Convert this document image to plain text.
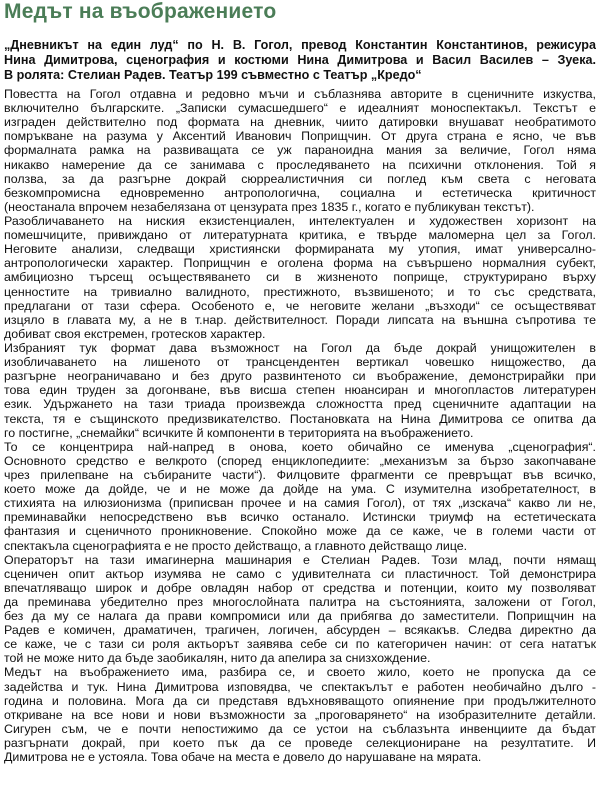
Медът на въображението
„Дневникът на един луд“ по Н. В. Гогол, превод Константин Константинов, режисура
Нина Димитрова, сценография и костюми Нина Димитрова и Васил Василев – Зуека.
В ролята: Стелиан Радев. Театър 199 съвместно с Театър „Кредо“
Повестта на Гогол отдавна и редовно мъчи и съблазнява авторите в сценичните изкуства,
включително българските. „Записки сумасшедшего“ е идеалният моноспектакъл. Текстът е
изграден действително под формата на дневник, чиито датировки внушават необратимото
помръкване на разума у Аксентий Иванович Поприщчин. От друга страна е ясно, че във
формалната рамка на развиващата се уж параноидна мания за величие, Гогол няма
никакво намерение да се занимава с проследяването на психични отклонения. Той я
ползва, за да разгърне докрай сюрреалистичния си поглед към света с неговата
безкомпромисна едновременно антропологична, социална и естетическа критичност
(неостанала впрочем незабелязана от цензурата през 1835 г., когато е публикуван текстът).
Разобличаването на ниския екзистенциален, интелектуален и художествен хоризонт на
помешчиците, привиждано от литературната критика, е твърде маломерна цел за Гогол.
Неговите анализи, следващи християнски формираната му утопия, имат универсално-
антропологически характер. Поприщчин е оголена форма на съвършено нормалния субект,
амбициозно търсещ осъществяването си в жизненото поприще, структурирано върху
ценностите на тривиално валидното, престижното, възвишеното; и то със средствата,
предлагани от тази сфера. Особеното е, че неговите желани „възходи“ се осъществяват
изцяло в главата му, а не в т.нар. действителност. Поради липсата на външна съпротива те
добиват своя екстремен, гротесков характер.
Избраният тук формат дава възможност на Гогол да бъде докрай унищожителен в
изобличаването на лишеното от трансцендентен вертикал човешко нищожество, да
разгърне неограничавано и без друго развинтеното си въображение, демонстрирайки при
това един труден за догонване, във висша степен нюансиран и многопластов литературен
език. Удържането на тази триада произвежда сложността пред сценичните адаптации на
текста, тя е същинското предизвикателство. Постановката на Нина Димитрова се опитва да
го постигне, „снемайки“ всичките й компоненти в територията на въображението.
То се концентрира най-напред в онова, което обичайно се именува „сценография“.
Основното средство е велкрото (според енциклопедиите: „механизъм за бързо закопчаване
чрез прилепване на събираните части“). Филцовите фрагменти се превръщат във всичко,
което може да дойде, че и не може да дойде на ума. С изумителна изобретателност, в
стихията на илюзионизма (приписван прочее и на самия Гогол), от тях „изскача“ какво ли не,
преминавайки непосредствено във всичко останало. Истински триумф на естетическата
фантазия и сценичното проникновение. Спокойно може да се каже, че в големи части от
спектакъла сценографията е не просто действащо, а главното действащо лице.
Операторът на тази имагинерна машинария е Стелиан Радев. Този млад, почти нямащ
сценичен опит актьор изумява не само с удивителната си пластичност. Той демонстрира
впечатляващо широк и добре овладян набор от средства и потенции, които му позволяват
да преминава убедително през многослойната палитра на състоянията, заложени от Гогол,
без да му се налага да прави компромиси или да прибягва до заместители. Поприщчин на
Радев е комичен, драматичен, трагичен, логичен, абсурден – всякакъв. Следва директно да
се каже, че с тази си роля актьорът заявява себе си по категоричен начин: от сега нататък
той не може нито да бъде заобикалян, нито да апелира за снизхождение.
Медът на въображението има, разбира се, и своето жило, което не пропуска да се
задейства и тук. Нина Димитрова изповядва, че спектакълът е работен необичайно дълго -
година и половина. Мога да си представя вдъхновяващото опиянение при продължителното
откриване на все нови и нови възможности за „проговарянето“ на изобразителните детайли.
Сигурен съм, че е почти непостижимо да се устои на съблазънта инвенциите да бъдат
разгърнати докрай, при което пък да се проведе селекциониране на резултатите. И
Димитрова не е устояла. Това обаче на места е довело до нарушаване на мярата.
